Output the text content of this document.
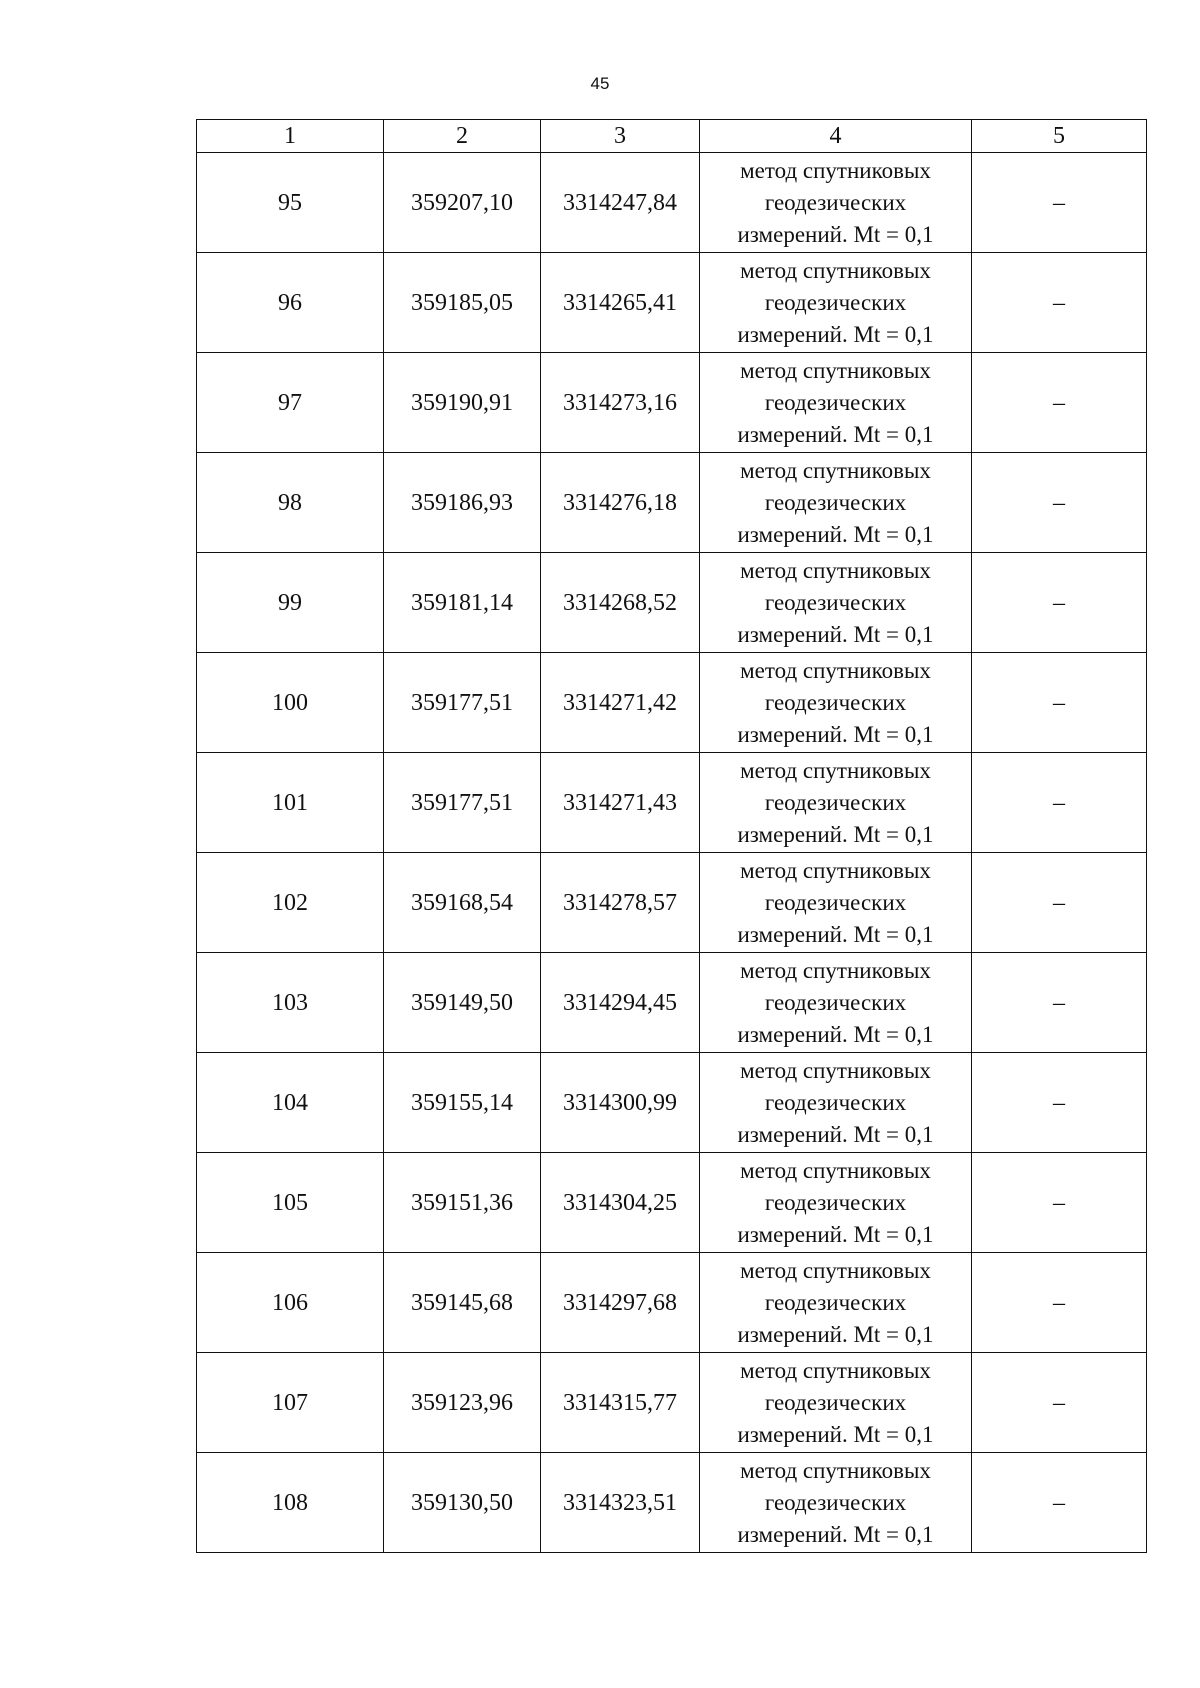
45
1	2	3	4	5
95	359207,10	3314247,84	метод спутниковых
геодезических
измерений. Mt = 0,1	–
96	359185,05	3314265,41	метод спутниковых
геодезических
измерений. Mt = 0,1	–
97	359190,91	3314273,16	метод спутниковых
геодезических
измерений. Mt = 0,1	–
98	359186,93	3314276,18	метод спутниковых
геодезических
измерений. Mt = 0,1	–
99	359181,14	3314268,52	метод спутниковых
геодезических
измерений. Mt = 0,1	–
100	359177,51	3314271,42	метод спутниковых
геодезических
измерений. Mt = 0,1	–
101	359177,51	3314271,43	метод спутниковых
геодезических
измерений. Mt = 0,1	–
102	359168,54	3314278,57	метод спутниковых
геодезических
измерений. Mt = 0,1	–
103	359149,50	3314294,45	метод спутниковых
геодезических
измерений. Mt = 0,1	–
104	359155,14	3314300,99	метод спутниковых
геодезических
измерений. Mt = 0,1	–
105	359151,36	3314304,25	метод спутниковых
геодезических
измерений. Mt = 0,1	–
106	359145,68	3314297,68	метод спутниковых
геодезических
измерений. Mt = 0,1	–
107	359123,96	3314315,77	метод спутниковых
геодезических
измерений. Mt = 0,1	–
108	359130,50	3314323,51	метод спутниковых
геодезических
измерений. Mt = 0,1	–
